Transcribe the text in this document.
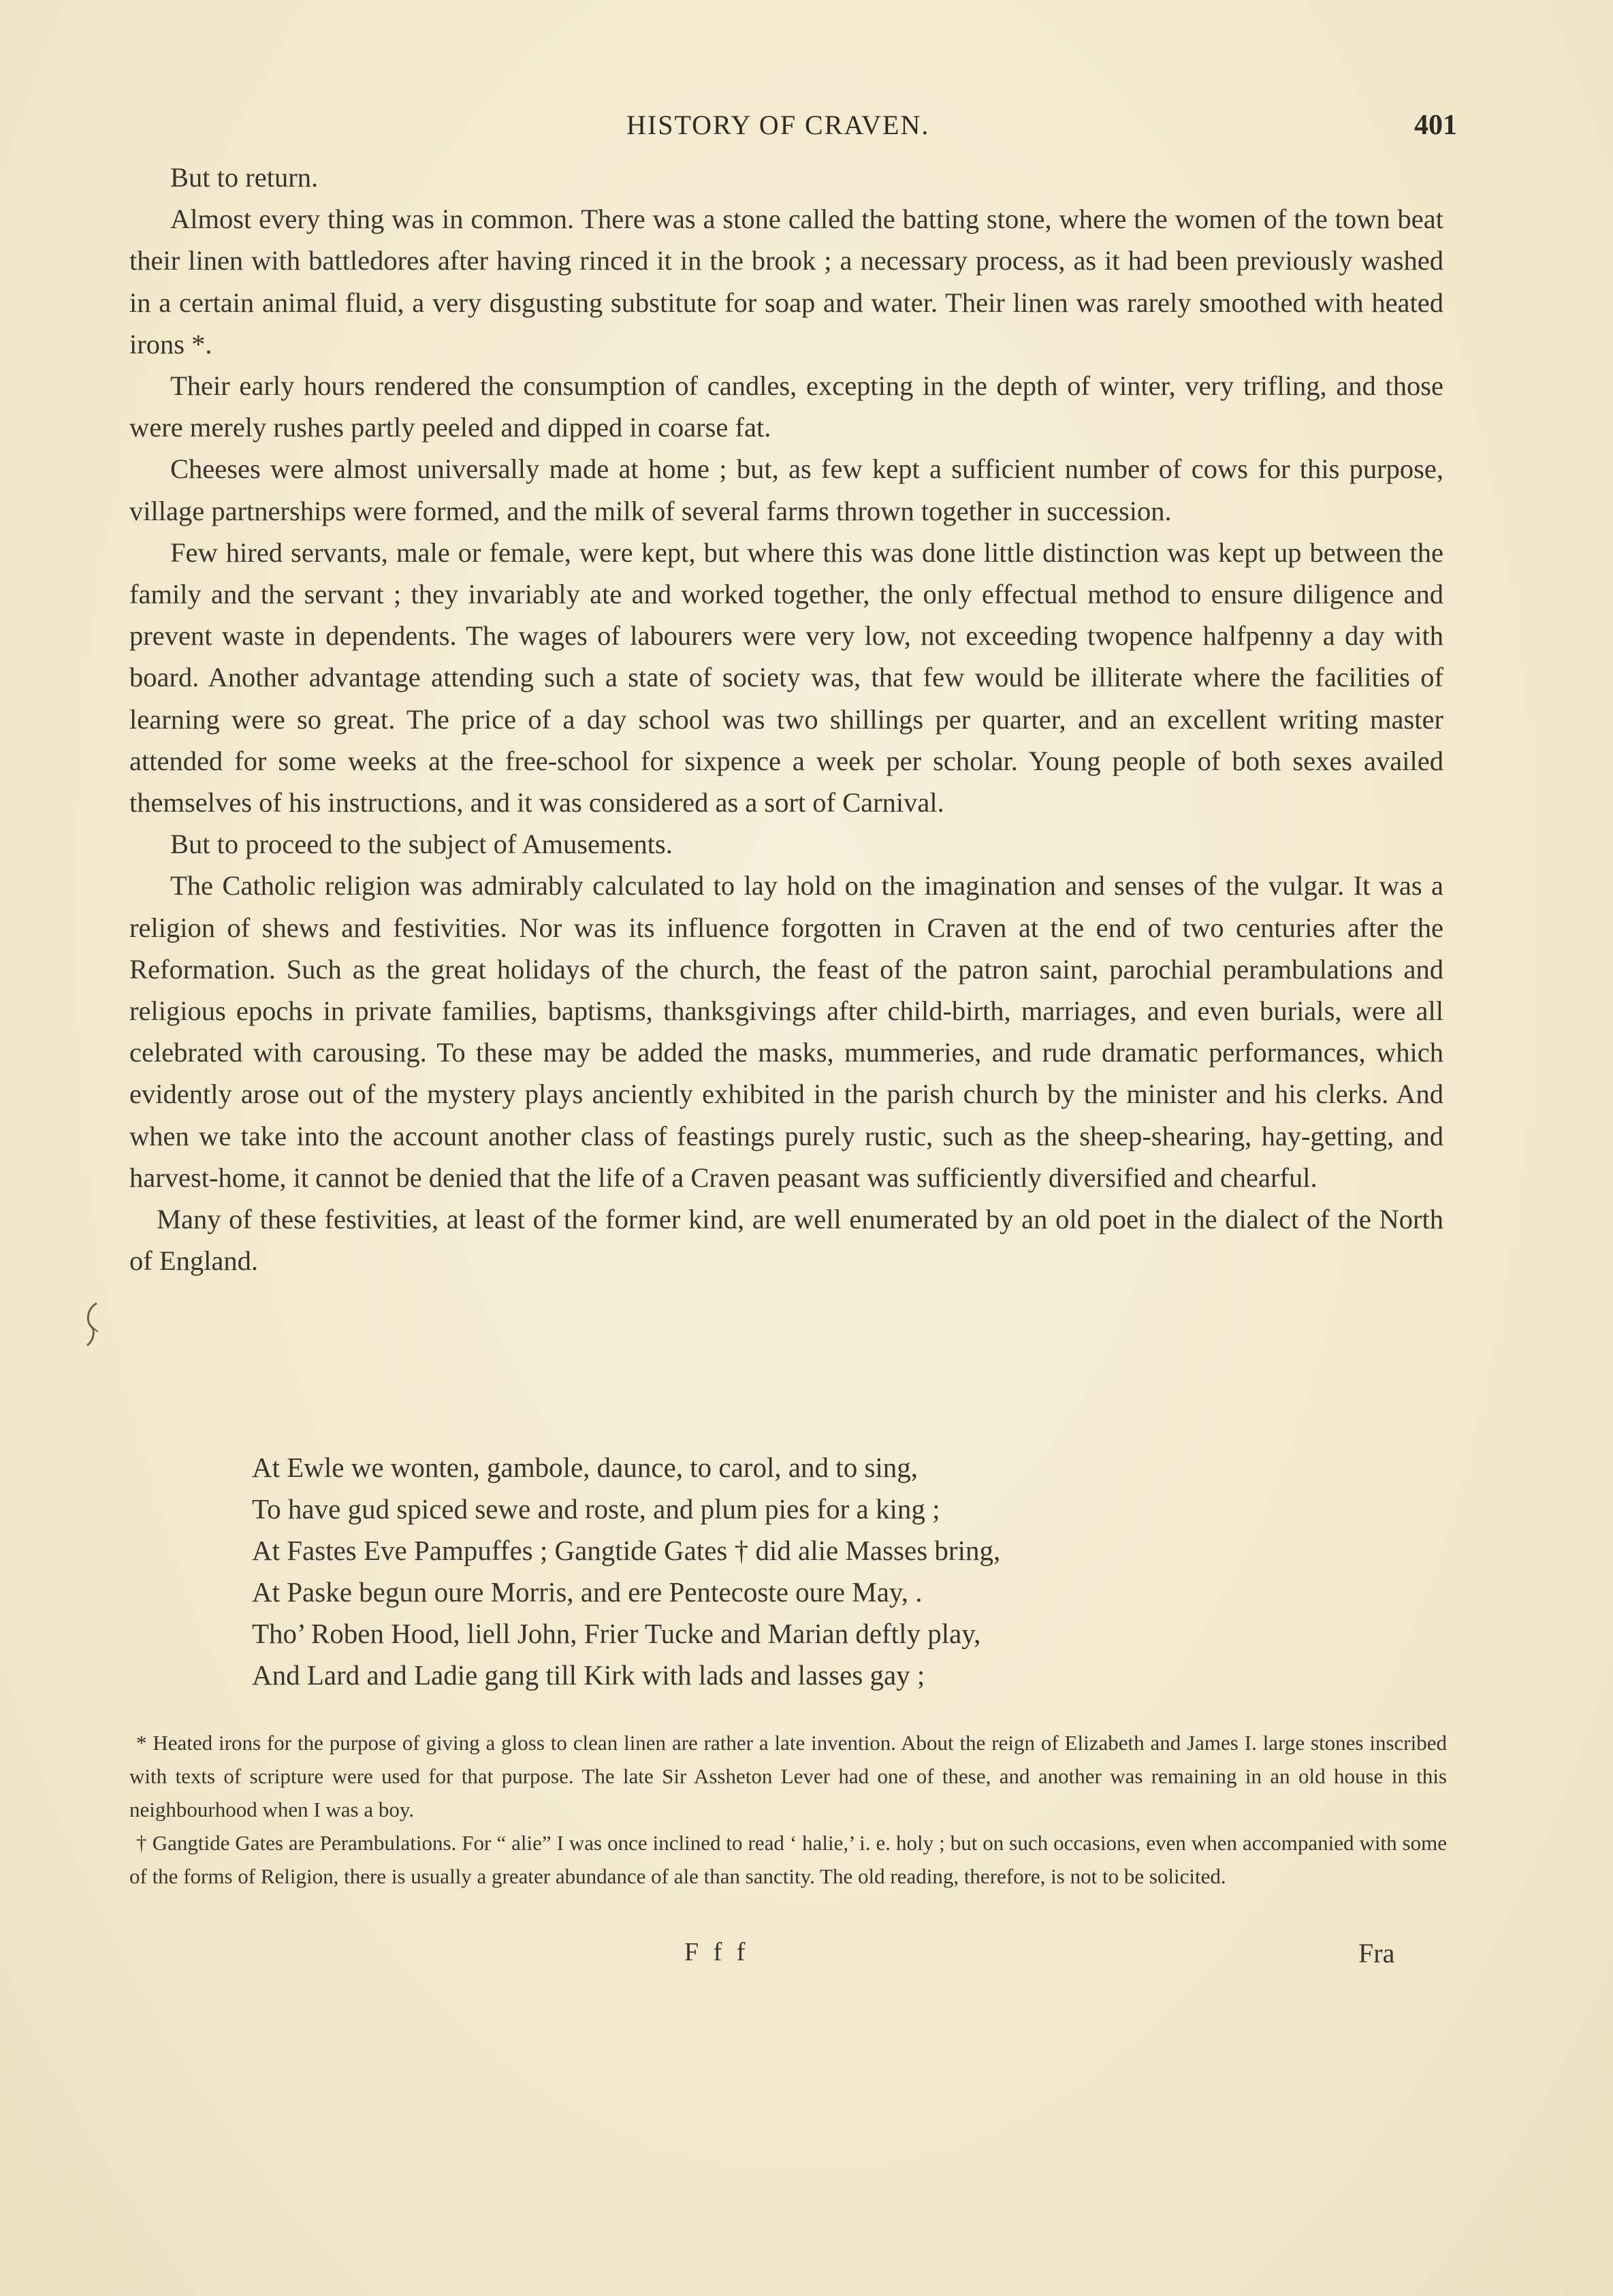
HISTORY OF CRAVEN.	401

But to return.

Almost every thing was in common. There was a stone called the batting stone, where the women of the town beat their linen with battledores after having rinced it in the brook ; a necessary process, as it had been previously washed in a certain animal fluid, a very disgusting substitute for soap and water. Their linen was rarely smoothed with heated irons *.

Their early hours rendered the consumption of candles, excepting in the depth of winter, very trifling, and those were merely rushes partly peeled and dipped in coarse fat.

Cheeses were almost universally made at home ; but, as few kept a sufficient number of cows for this purpose, village partnerships were formed, and the milk of several farms thrown together in succession.

Few hired servants, male or female, were kept, but where this was done little distinction was kept up between the family and the servant ; they invariably ate and worked together, the only effectual method to ensure diligence and prevent waste in dependents. The wages of labourers were very low, not exceeding twopence halfpenny a day with board. Another advantage attending such a state of society was, that few would be illiterate where the facilities of learning were so great. The price of a day school was two shillings per quarter, and an excellent writing master attended for some weeks at the free-school for sixpence a week per scholar. Young people of both sexes availed themselves of his instructions, and it was considered as a sort of Carnival.

But to proceed to the subject of Amusements.

The Catholic religion was admirably calculated to lay hold on the imagination and senses of the vulgar. It was a religion of shews and festivities. Nor was its influence forgotten in Craven at the end of two centuries after the Reformation. Such as the great holidays of the church, the feast of the patron saint, parochial perambulations and religious epochs in private families, baptisms, thanksgivings after child-birth, marriages, and even burials, were all celebrated with carousing. To these may be added the masks, mummeries, and rude dramatic performances, which evidently arose out of the mystery plays anciently exhibited in the parish church by the minister and his clerks. And when we take into the account another class of feastings purely rustic, such as the sheep-shearing, hay-getting, and harvest-home, it cannot be denied that the life of a Craven peasant was sufficiently diversified and chearful.

Many of these festivities, at least of the former kind, are well enumerated by an old poet in the dialect of the North of England.

At Ewle we wonten, gambole, daunce, to carol, and to sing,
To have gud spiced sewe and roste, and plum pies for a king ;
At Fastes Eve Pampuffes ; Gangtide Gates † did alie Masses bring,
At Paske begun oure Morris, and ere Pentecoste oure May, .
Tho’ Roben Hood, liell John, Frier Tucke and Marian deftly play,
And Lard and Ladie gang till Kirk with lads and lasses gay ;

* Heated irons for the purpose of giving a gloss to clean linen are rather a late invention. About the reign of Elizabeth and James I. large stones inscribed with texts of scripture were used for that purpose. The late Sir Assheton Lever had one of these, and another was remaining in an old house in this neighbourhood when I was a boy.

† Gangtide Gates are Perambulations. For “ alie” I was once inclined to read ‘ halie,’ i. e. holy ; but on such occasions, even when accompanied with some of the forms of Religion, there is usually a greater abundance of ale than sanctity. The old reading, therefore, is not to be solicited.

F f f	Fra
